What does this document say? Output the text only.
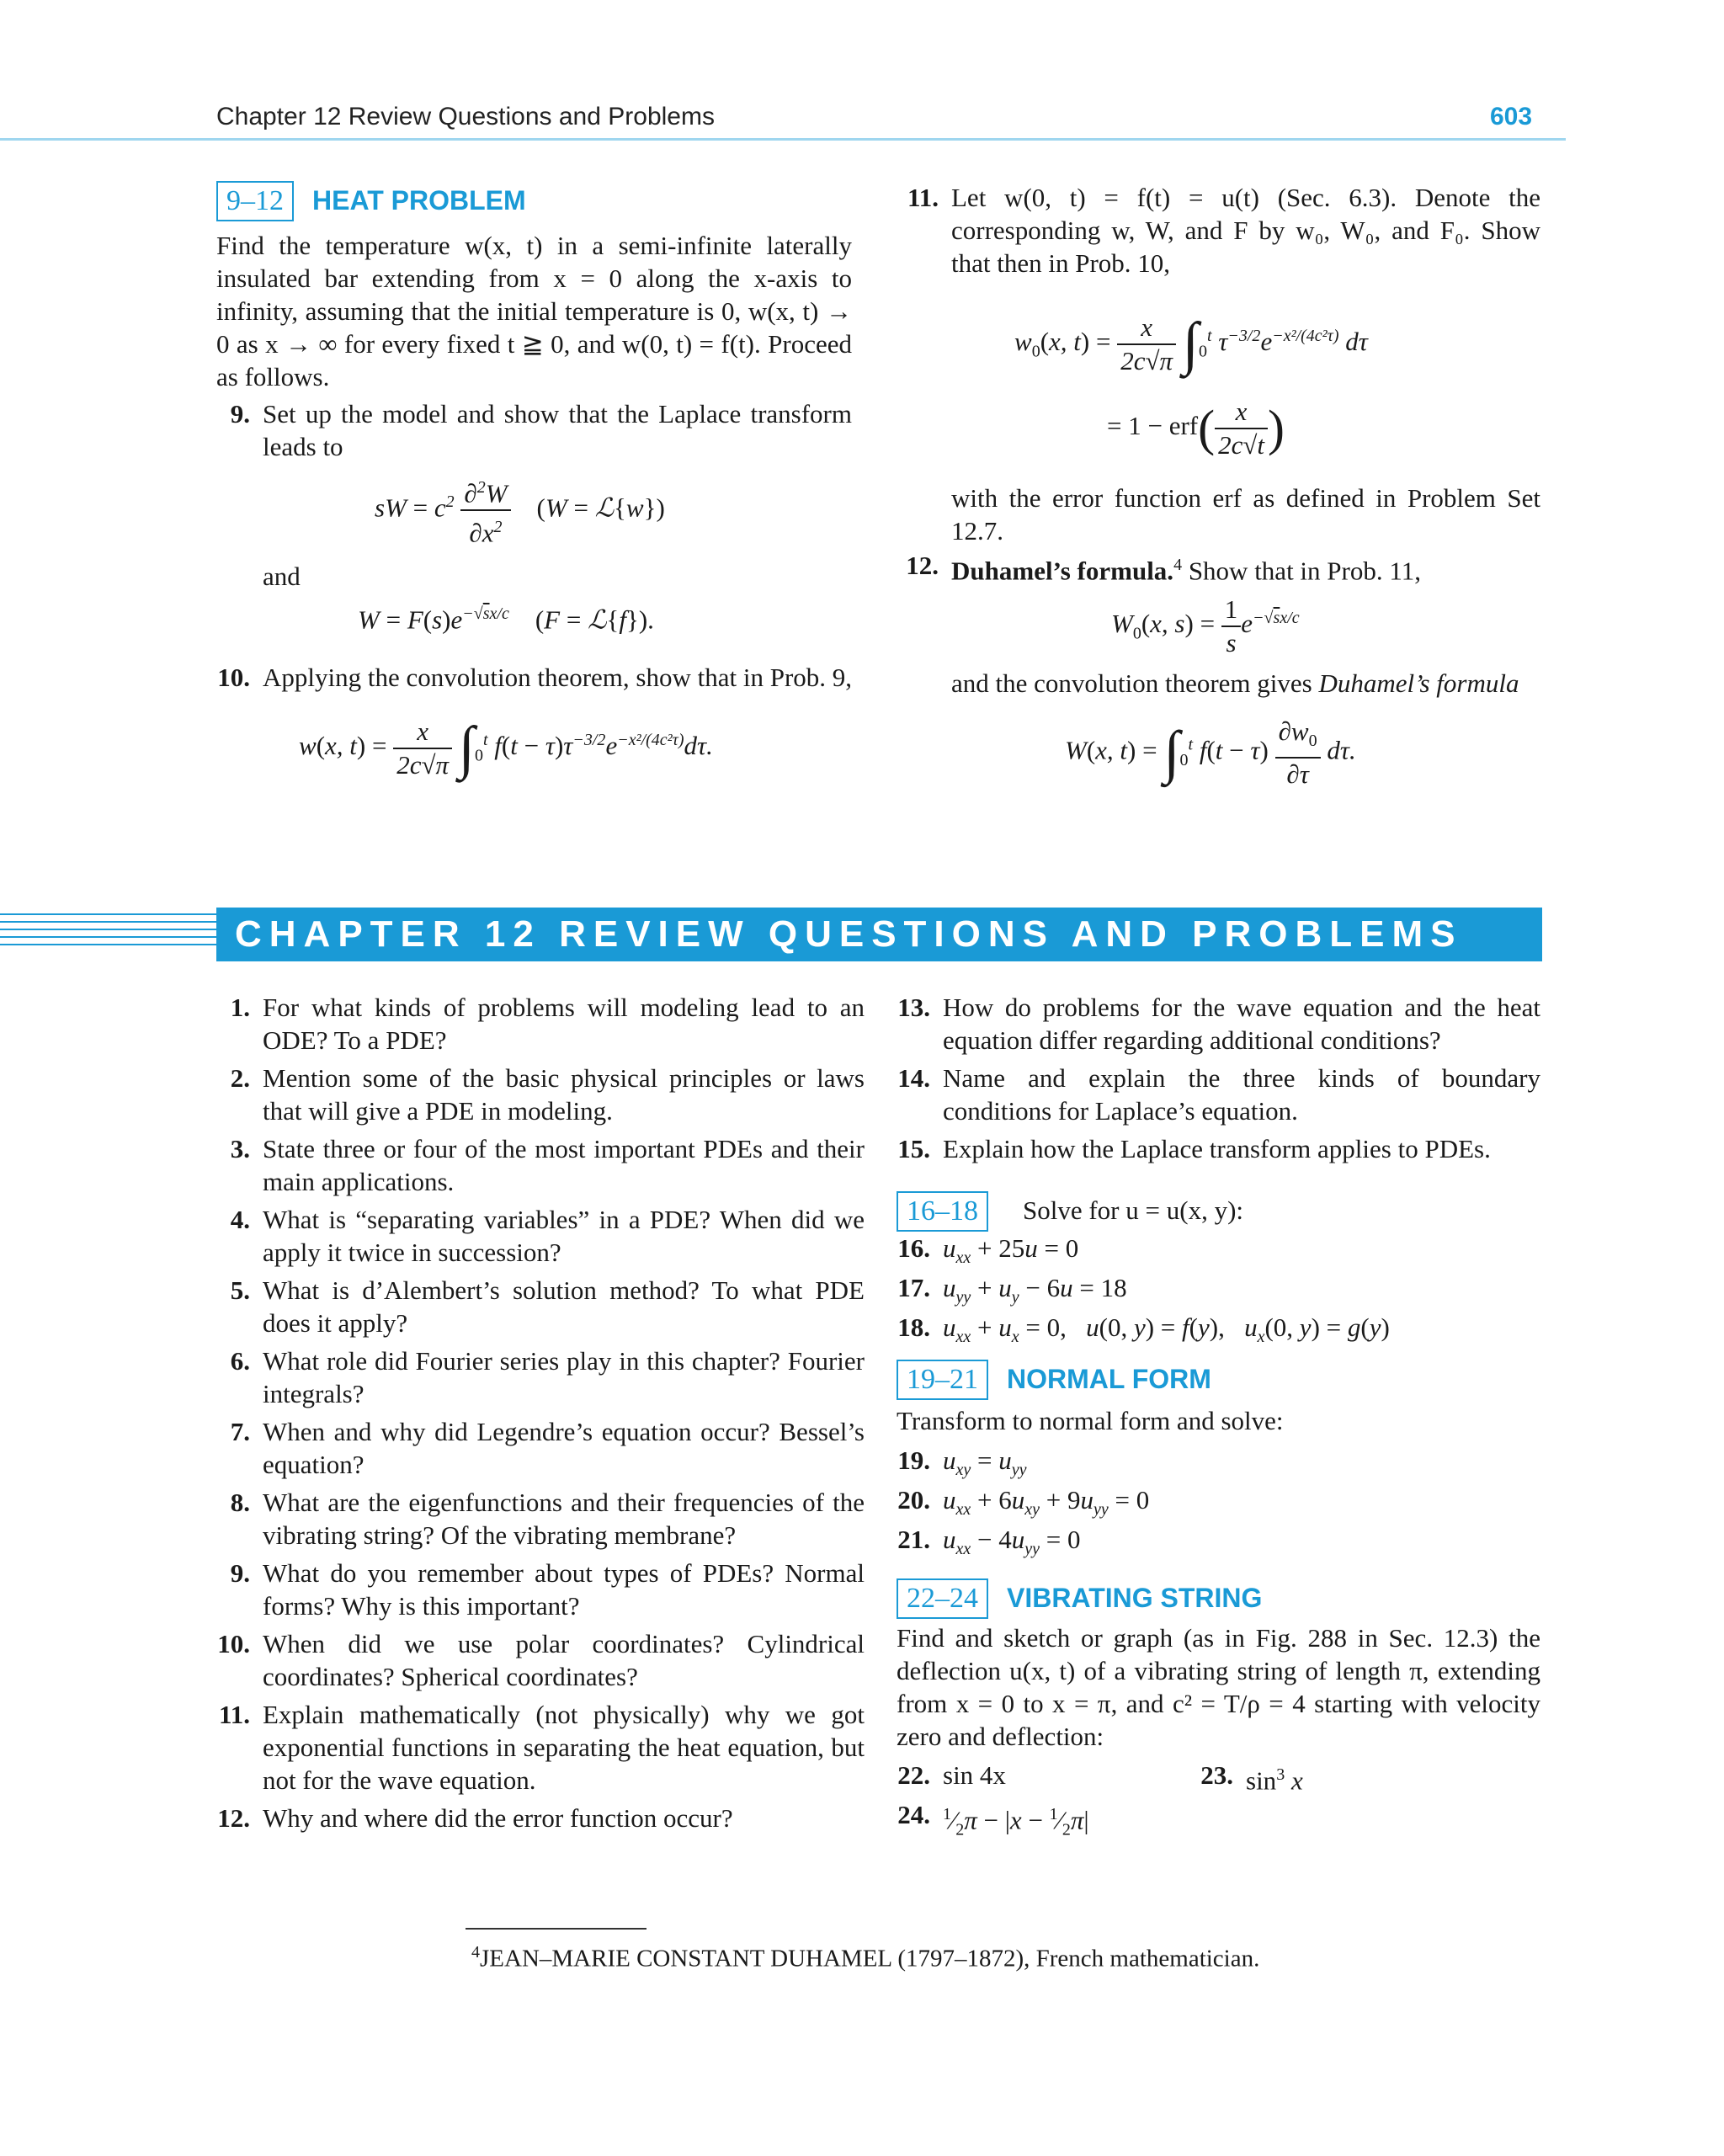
Chapter 12 Review Questions and Problems	603
9–12 HEAT PROBLEM
Find the temperature w(x, t) in a semi-infinite laterally insulated bar extending from x = 0 along the x-axis to infinity, assuming that the initial temperature is 0, w(x, t) → 0 as x → ∞ for every fixed t ≧ 0, and w(0, t) = f(t). Proceed as follows.
9. Set up the model and show that the Laplace transform leads to
sW = $c^2 \frac{\partial^2W}{\partial x^2} (W$ = ℒ{w})
and
$W = F(s)e^{-√sx/c}$ (F = ℒ{f}).
10. Applying the convolution theorem, show that in Prob. 9,
w(x, $t) = \frac{x}{2c√\pi} \int_0^t$ $f(t - \tau)\tau^{-3/2}e^{-x^2/(4c^2\tau)}d\tau$.
11. Let w(0, t) = f(t) = u(t) (Sec. 6.3). Denote the corresponding w, W, and F by w₀, W₀, and F₀. Show that then in Prob. 10,
$w_0(x$, $t) = \frac{x}{2c√\pi} \int_0^t$ $\tau^{-3/2}e^{-x^2/(4c^2\tau)}$ dτ
= $1 - erf( \frac{x}{2c√t}$ )
with the error function erf as defined in Problem Set 12.7.
12. Duhamel’s formula.$^4$ Show that in Prob. 11,
$W_0(x$, $s) = \frac{1}{s} e^{-√sx/c}$
and the convolution theorem gives Duhamel’s formula
W(x, $t) = \int_0^t$ $f(t - \tau) \frac{\partial w_0}{\partial\tau} d\tau$.
CHAPTER 12 REVIEW QUESTIONS AND PROBLEMS
1. For what kinds of problems will modeling lead to an ODE? To a PDE?
2. Mention some of the basic physical principles or laws that will give a PDE in modeling.
3. State three or four of the most important PDEs and their main applications.
4. What is “separating variables” in a PDE? When did we apply it twice in succession?
5. What is d’Alembert’s solution method? To what PDE does it apply?
6. What role did Fourier series play in this chapter? Fourier integrals?
7. When and why did Legendre’s equation occur? Bessel’s equation?
8. What are the eigenfunctions and their frequencies of the vibrating string? Of the vibrating membrane?
9. What do you remember about types of PDEs? Normal forms? Why is this important?
10. When did we use polar coordinates? Cylindrical coordinates? Spherical coordinates?
11. Explain mathematically (not physically) why we got exponential functions in separating the heat equation, but not for the wave equation.
12. Why and where did the error function occur?
13. How do problems for the wave equation and the heat equation differ regarding additional conditions?
14. Name and explain the three kinds of boundary conditions for Laplace’s equation.
15. Explain how the Laplace transform applies to PDEs.
16–18	Solve for u = u(x, y):
16. $u_{xx} + 25u = 0$
17. $u_{yy} + u_y - 6u = 18$
18. $u_{xx} + u_x = 0$,   u(0, y) = f(y),   $u_x(0$, y) = g(y)
19–21 NORMAL FORM
Transform to normal form and solve:
19. $u_{xy} = u_{yy}$
20. $u_{xx} + 6u_{xy} + 9u_{yy} = 0$
21. $u_{xx} - 4u_{yy} = 0$
22–24 VIBRATING STRING
Find and sketch or graph (as in Fig. 288 in Sec. 12.3) the deflection u(x, t) of a vibrating string of length π, extending from x = 0 to x = π, and c² = T/ρ = 4 starting with velocity zero and deflection:
22. sin 4x	23. $\sin^3 x$
24. $^1⁄_2\pi - |x$ − $^1⁄_2\pi|$
$^4$JEAN–MARIE CONSTANT DUHAMEL (1797–1872), French mathematician.
